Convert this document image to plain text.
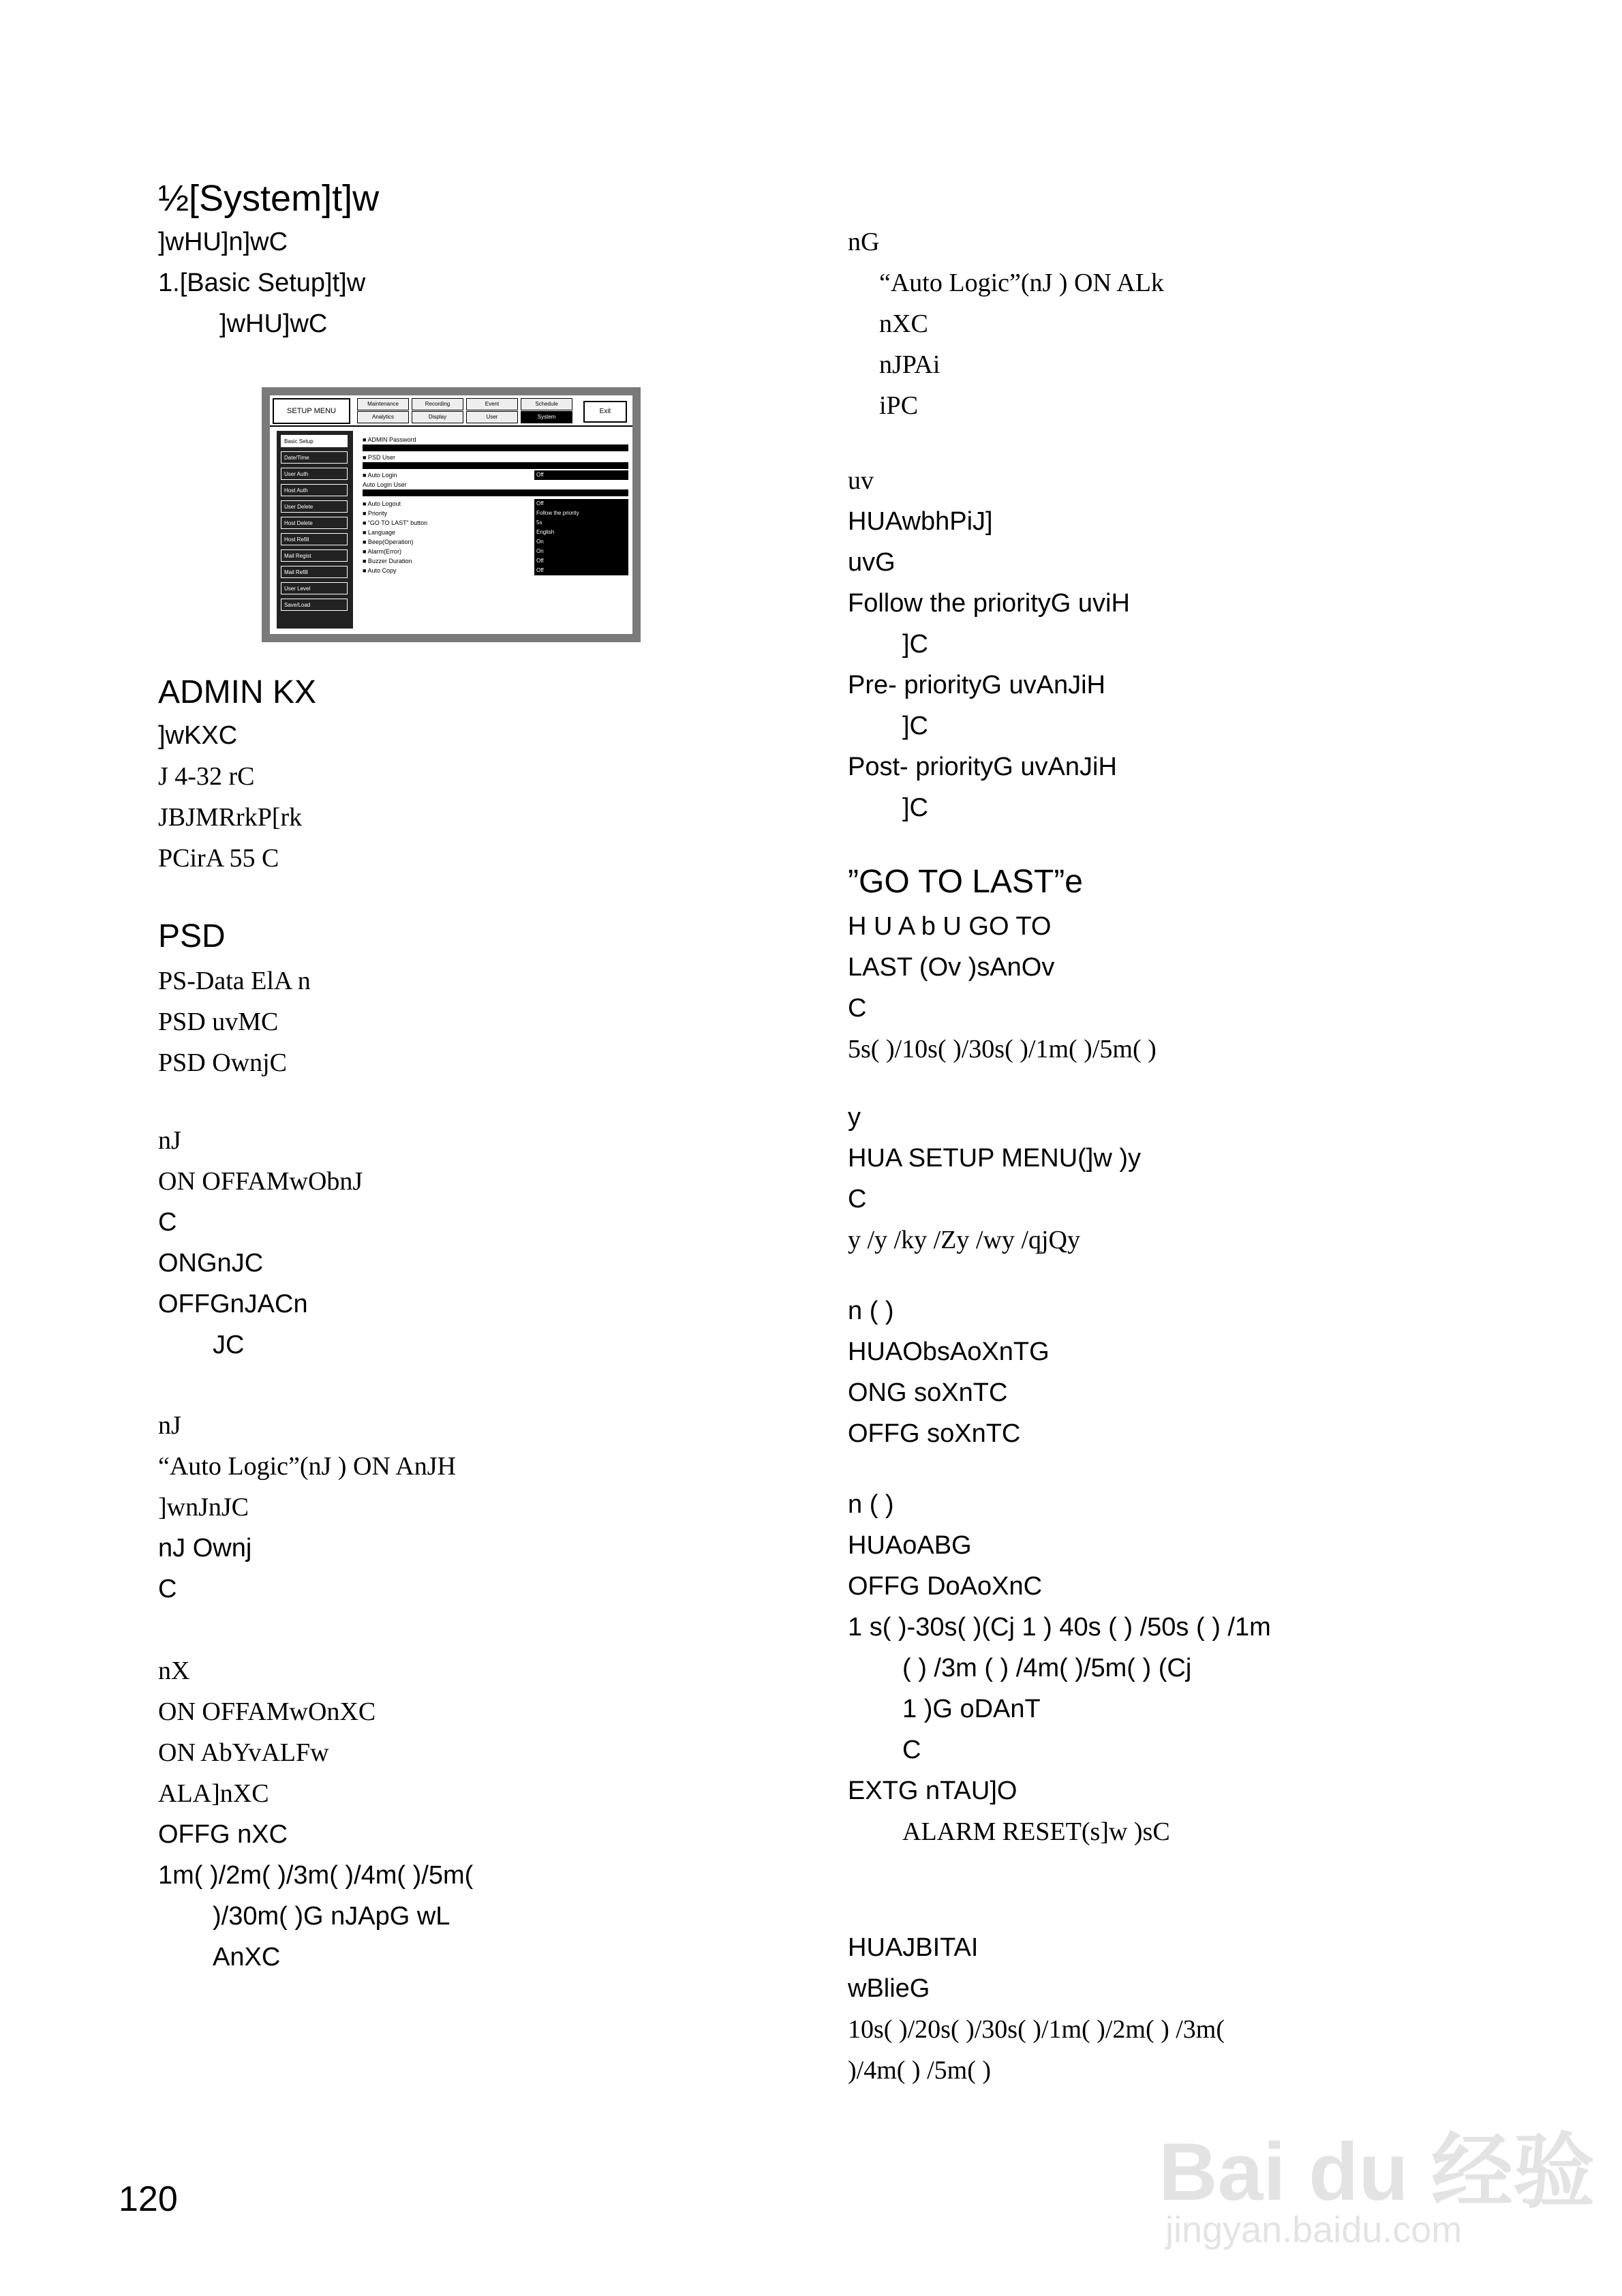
½[System]t]w
]wHU]n]wC
1.[Basic Setup]t]w
]wHU]wC
ADMIN KX
]wKXC
J 4-32 rC
JBJMRrkP[rk
PCirA 55 C
PSD
PS-Data ElA n
PSD uvMC
PSD OwnjC
nJ
ON OFFAMwObnJ
C
ONGnJC
OFFGnJACn
JC
nJ
“Auto Logic”(nJ ) ON AnJH
]wnJnJC
nJ Ownj
C
nX
ON OFFAMwOnXC
ON AbYvALFw
ALA]nXC
OFFG nXC
1m( )/2m( )/3m( )/4m( )/5m(
)/30m( )G nJApG wL
AnXC
nG
“Auto Logic”(nJ ) ON ALk
nXC
nJPAi
iPC
uv
HUAwbhPiJ]
uvG
Follow the priorityG uviH
]C
Pre- priorityG uvAnJiH
]C
Post- priorityG uvAnJiH
]C
”GO TO LAST”e
H U A b U GO TO
LAST (Ov )sAnOv
C
5s( )/10s( )/30s( )/1m( )/5m( )
y
HUA SETUP MENU(]w )y
C
y /y /ky /Zy /wy /qjQy
n ( )
HUAObsAoXnTG
ONG soXnTC
OFFG soXnTC
n ( )
HUAoABG
OFFG DoAoXnC
1 s( )-30s( )(Cj 1 ) 40s ( ) /50s ( ) /1m
( ) /3m ( ) /4m( )/5m( ) (Cj
1 )G oDAnT
C
EXTG nTAU]O
ALARM RESET(s]w )sC
HUAJBITAI
wBlieG
10s( )/20s( )/30s( )/1m( )/2m( ) /3m(
)/4m( ) /5m( )
SETUP MENU
Maintenance	Recording	Event	Schedule
Analytics	Display	User	System
Exit
Basic Setup
Date/Time
User Auth
Host Auth
User Delete
Host Delete
Host Refill
Mail Regist
Mail Refill
User Level
Save/Load
■ ADMIN Password
■ PSD User
■ Auto Login	Off
Auto Login User
■ Auto Logout	Off
■ Priority	Follow the priority
■ “GO TO LAST” button	5s
■ Language	English
■ Beep(Operation)	On
■ Alarm(Error)	On
■ Buzzer Duration	Off
■ Auto Copy	Off
120	Bai du 经验
jingyan.baidu.com
